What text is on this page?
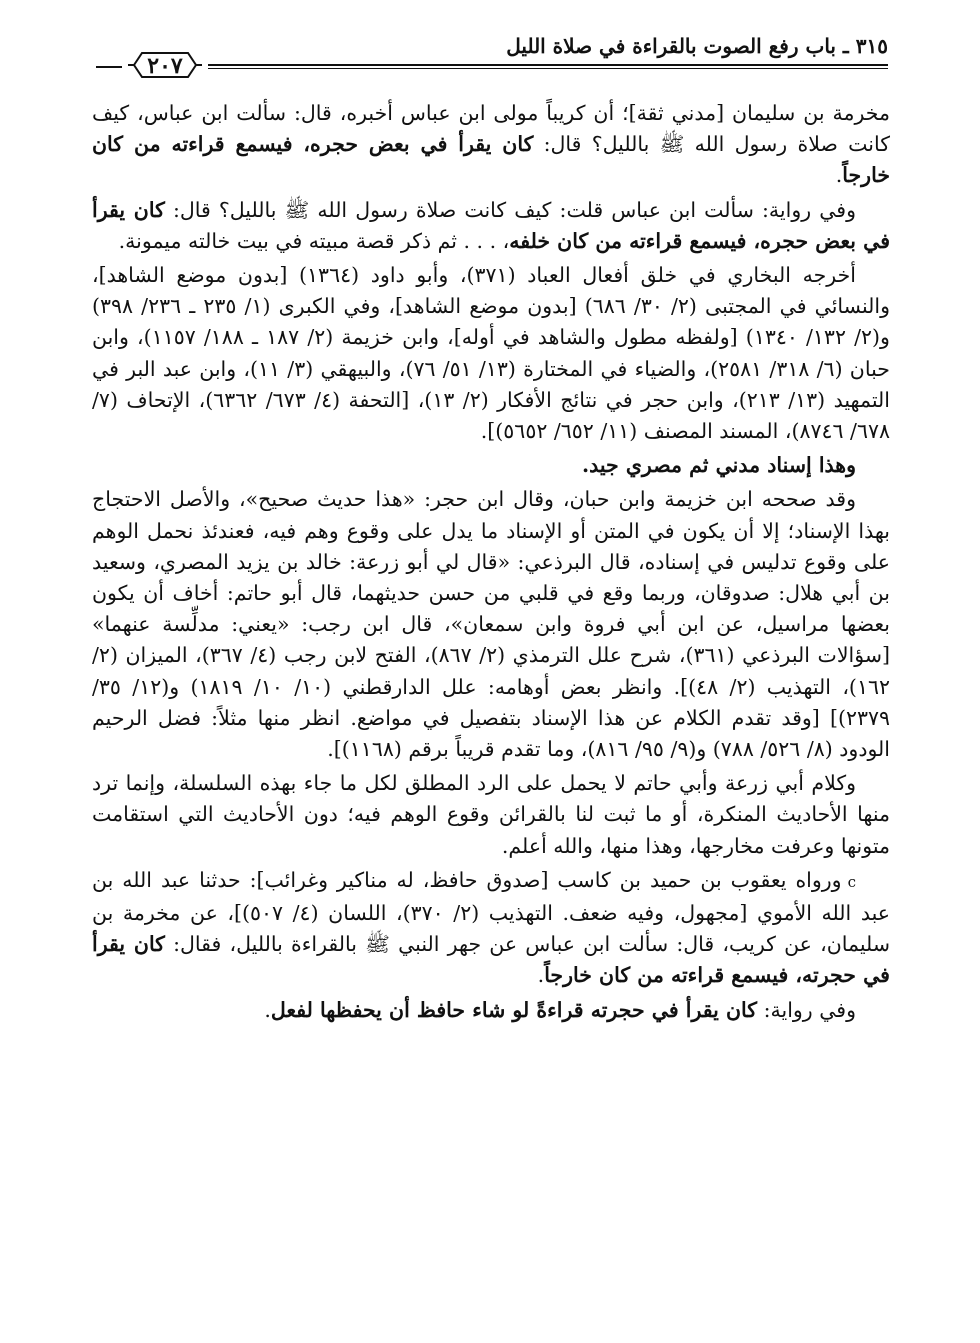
٣١٥ ـ باب رفع الصوت بالقراءة في صلاة الليل
٢٠٧

مخرمة بن سليمان [مدني ثقة]؛ أن كريباً مولى ابن عباس أخبره، قال: سألت ابن عباس، كيف كانت صلاة رسول الله ﷺ بالليل؟ قال: كان يقرأ في بعض حجره، فيسمع قراءته من كان خارجاً.

وفي رواية: سألت ابن عباس قلت: كيف كانت صلاة رسول الله ﷺ بالليل؟ قال: كان يقرأ في بعض حجره، فيسمع قراءته من كان خلفه، . . . ثم ذكر قصة مبيته في بيت خالته ميمونة.

أخرجه البخاري في خلق أفعال العباد (٣٧١)، وأبو داود (١٣٦٤) [بدون موضع الشاهد]، والنسائي في المجتبى (٢/ ٣٠/ ٦٨٦) [بدون موضع الشاهد]، وفي الكبرى (١/ ٢٣٥ ـ ٢٣٦/ ٣٩٨) و(٢/ ١٣٢/ ١٣٤٠) [ولفظه مطول والشاهد في أوله]، وابن خزيمة (٢/ ١٨٧ ـ ١٨٨/ ١١٥٧)، وابن حبان (٦/ ٣١٨/ ٢٥٨١)، والضياء في المختارة (١٣/ ٥١/ ٧٦)، والبيهقي (٣/ ١١)، وابن عبد البر في التمهيد (١٣/ ٢١٣)، وابن حجر في نتائج الأفكار (٢/ ١٣)، [التحفة (٤/ ٦٧٣/ ٦٣٦٢)، الإتحاف (٧/ ٦٧٨/ ٨٧٤٦)، المسند المصنف (١١/ ٦٥٢/ ٥٦٥٢)].

وهذا إسناد مدني ثم مصري جيد.

وقد صححه ابن خزيمة وابن حبان، وقال ابن حجر: «هذا حديث صحيح»، والأصل الاحتجاج بهذا الإسناد؛ إلا أن يكون في المتن أو الإسناد ما يدل على وقوع وهم فيه، فعندئذ نحمل الوهم على وقوع تدليس في إسناده، قال البرذعي: «قال لي أبو زرعة: خالد بن يزيد المصري، وسعيد بن أبي هلال: صدوقان، وربما وقع في قلبي من حسن حديثهما، قال أبو حاتم: أخاف أن يكون بعضها مراسيل، عن ابن أبي فروة وابن سمعان»، قال ابن رجب: «يعني: مدلِّسة عنهما» [سؤالات البرذعي (٣٦١)، شرح علل الترمذي (٢/ ٨٦٧)، الفتح لابن رجب (٤/ ٣٦٧)، الميزان (٢/ ١٦٢)، التهذيب (٢/ ٤٨)]. وانظر بعض أوهامه: علل الدارقطني (١٠/ ١٠/ ١٨١٩) و(١٢/ ٣٥/ ٢٣٧٩)] [وقد تقدم الكلام عن هذا الإسناد بتفصيل في مواضع. انظر منها مثلاً: فضل الرحيم الودود (٨/ ٥٢٦/ ٧٨٨) و(٩/ ٩٥/ ٨١٦)، وما تقدم قريباً برقم (١١٦٨)].

وكلام أبي زرعة وأبي حاتم لا يحمل على الرد المطلق لكل ما جاء بهذه السلسلة، وإنما ترد منها الأحاديث المنكرة، أو ما ثبت لنا بالقرائن وقوع الوهم فيه؛ دون الأحاديث التي استقامت متونها وعرفت مخارجها، وهذا منها، والله أعلم.

cورواه يعقوب بن حميد بن كاسب [صدوق حافظ، له مناكير وغرائب]: حدثنا عبد الله بن عبد الله الأموي [مجهول، وفيه ضعف. التهذيب (٢/ ٣٧٠)، اللسان (٤/ ٥٠٧)]، عن مخرمة بن سليمان، عن كريب، قال: سألت ابن عباس عن جهر النبي ﷺ بالقراءة بالليل، فقال: كان يقرأ في حجرته، فيسمع قراءته من كان خارجاً.

وفي رواية: كان يقرأ في حجرته قراءةً لو شاء حافظ أن يحفظها لفعل.
